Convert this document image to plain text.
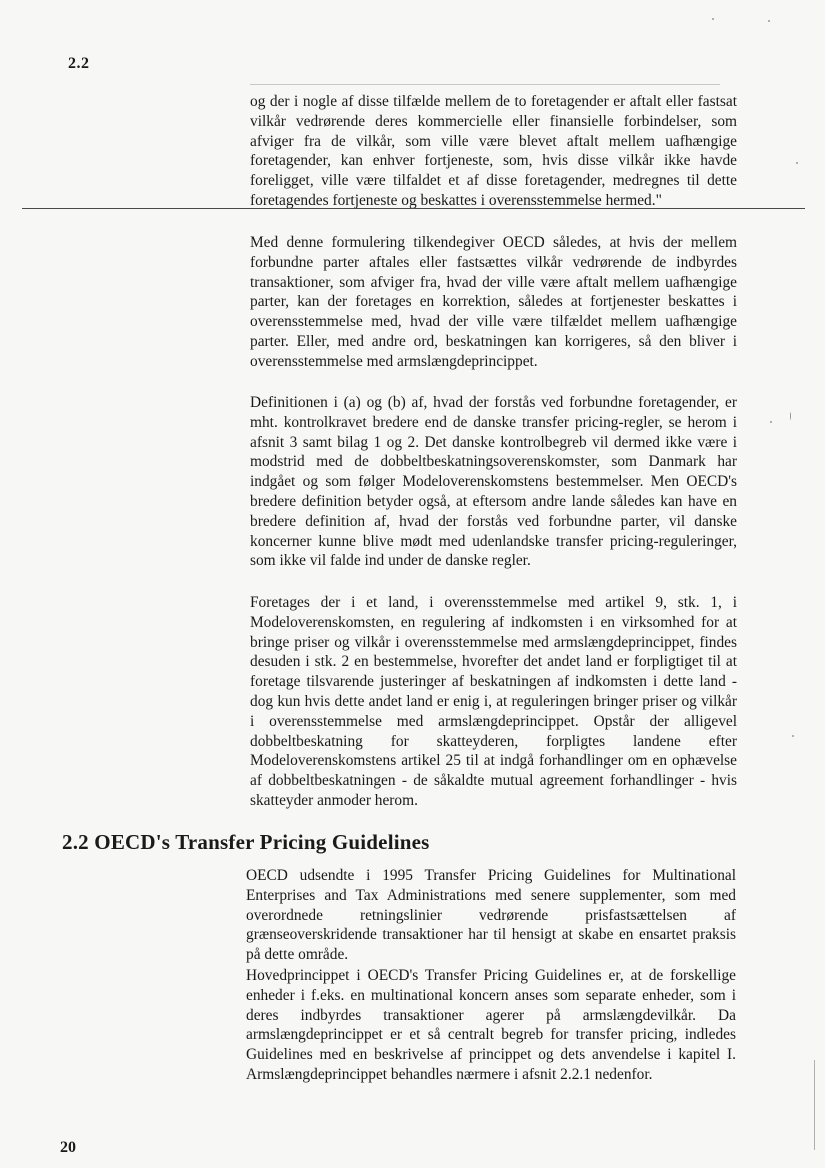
2.2

og der i nogle af disse tilfælde mellem de to foretagender er aftalt eller fastsat vilkår vedrørende deres kommercielle eller finansielle forbindelser, som afviger fra de vilkår, som ville være blevet aftalt mellem uafhængige foretagender, kan enhver fortjeneste, som, hvis disse vilkår ikke havde foreligget, ville være tilfaldet et af disse foretagender, medregnes til dette foretagendes fortjeneste og beskattes i overensstemmelse hermed."

Med denne formulering tilkendegiver OECD således, at hvis der mellem forbundne parter aftales eller fastsættes vilkår vedrørende de indbyrdes transaktioner, som afviger fra, hvad der ville være aftalt mellem uafhængige parter, kan der foretages en korrektion, således at fortjenester beskattes i overensstemmelse med, hvad der ville være tilfældet mellem uafhængige parter. Eller, med andre ord, beskatningen kan korrigeres, så den bliver i overensstemmelse med armslængdeprincippet.

Definitionen i (a) og (b) af, hvad der forstås ved forbundne foretagender, er mht. kontrolkravet bredere end de danske transfer pricing-regler, se herom i afsnit 3 samt bilag 1 og 2. Det danske kontrolbegreb vil dermed ikke være i modstrid med de dobbeltbeskatningsoverenskomster, som Danmark har indgået og som følger Modeloverenskomstens bestemmelser. Men OECD's bredere definition betyder også, at eftersom andre lande således kan have en bredere definition af, hvad der forstås ved forbundne parter, vil danske koncerner kunne blive mødt med udenlandske transfer pricing-reguleringer, som ikke vil falde ind under de danske regler.

Foretages der i et land, i overensstemmelse med artikel 9, stk. 1, i Modeloverenskomsten, en regulering af indkomsten i en virksomhed for at bringe priser og vilkår i overensstemmelse med armslængdeprincippet, findes desuden i stk. 2 en bestemmelse, hvorefter det andet land er forpligtiget til at foretage tilsvarende justeringer af beskatningen af indkomsten i dette land - dog kun hvis dette andet land er enig i, at reguleringen bringer priser og vilkår i overensstemmelse med armslængdeprincippet. Opstår der alligevel dobbeltbeskatning for skatteyderen, forpligtes landene efter Modeloverenskomstens artikel 25 til at indgå forhandlinger om en ophævelse af dobbeltbeskatningen - de såkaldte mutual agreement forhandlinger - hvis skatteyder anmoder herom.

2.2 OECD's Transfer Pricing Guidelines

OECD udsendte i 1995 Transfer Pricing Guidelines for Multinational Enterprises and Tax Administrations med senere supplementer, som med overordnede retningslinier vedrørende prisfastsættelsen af grænseoverskridende transaktioner har til hensigt at skabe en ensartet praksis på dette område.

Hovedprincippet i OECD's Transfer Pricing Guidelines er, at de forskellige enheder i f.eks. en multinational koncern anses som separate enheder, som i deres indbyrdes transaktioner agerer på armslængdevilkår. Da armslængdeprincippet er et så centralt begreb for transfer pricing, indledes Guidelines med en beskrivelse af princippet og dets anvendelse i kapitel I. Armslængdeprincippet behandles nærmere i afsnit 2.2.1 nedenfor.

20
